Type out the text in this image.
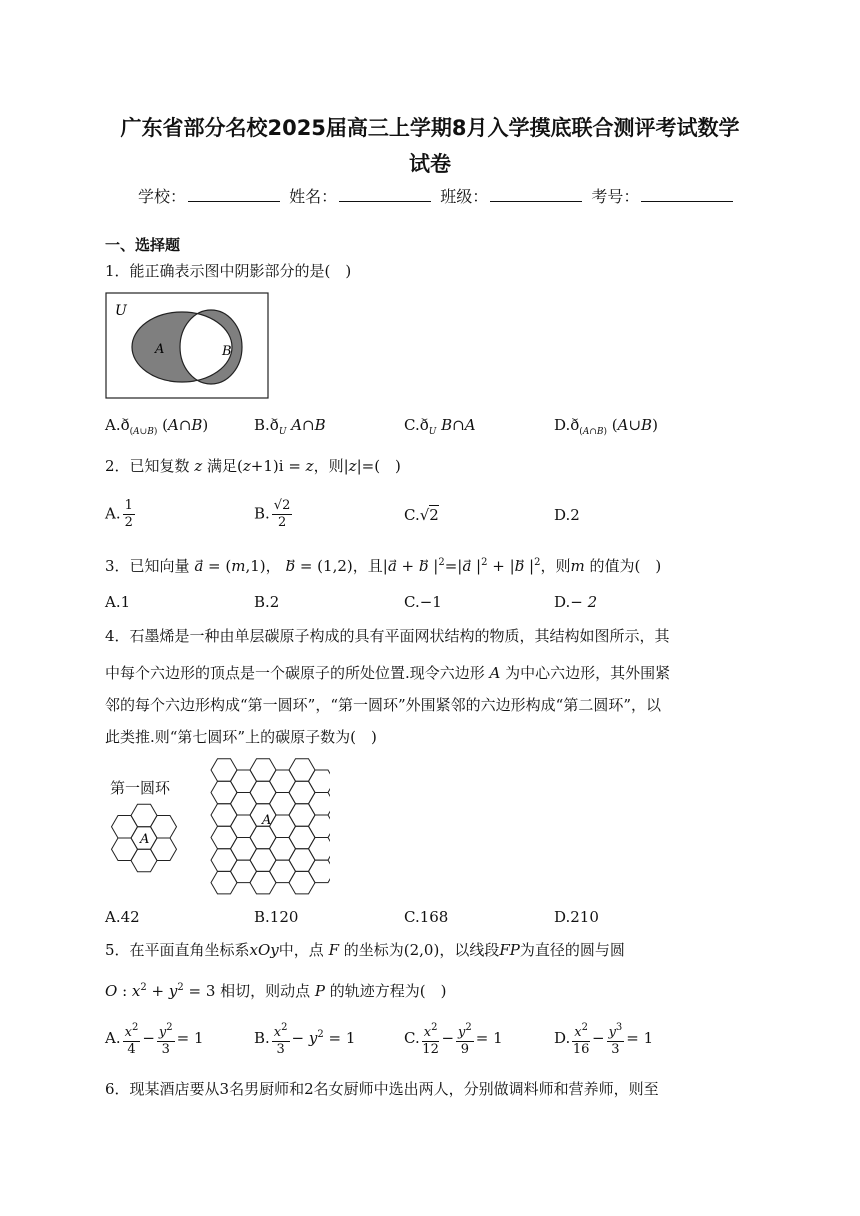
广东省部分名校2025届高三上学期8月入学摸底联合测评考试数学
试卷
学校：	姓名：	班级：	考号：
一、选择题
1．能正确表示图中阴影部分的是(　)
U
A	B
$A.ð_{(A\cup B)}$ (A∩B)	$B.ð_U$ A∩B	$C.ð_U$ B∩A	$D.ð_{(A\cap B)}$ (A∪B)
2．已知复数 z 满足(z+1)i = z，则|z|=(　)
A. $\frac{1}{2}$	B. $\frac{√2}{2}$	C.√2	D.2
3．已知向量 a⃗ = (m,1)， b⃗ = (1,2)，且|a⃗ + b⃗ $|^2=|a⃗$ $|^2$ + |b⃗ $|^2$，则m 的值为(　)
A.1	B.2	C.−1	D.− 2
4．石墨烯是一种由单层碳原子构成的具有平面网状结构的物质，其结构如图所示，其
中每个六边形的顶点是一个碳原子的所处位置.现令六边形 A 为中心六边形，其外围紧
邻的每个六边形构成“第一圆环”，“第一圆环”外围紧邻的六边形构成“第二圆环”，以
此类推.则“第七圆环”上的碳原子数为(　)
第一圆环
A
A
A.42	B.120	C.168	D.210
5．在平面直角坐标系xOy中，点 F 的坐标为(2,0)，以线段FP为直径的圆与圆
O : $x^2 + y^2 = 3$ 相切，则动点 P 的轨迹方程为(　)
A. $\frac{x^2}{4} - \frac{y^2}{3} = 1$	B. $\frac{x^2}{3} - y^2 = 1$	C. $\frac{x^2}{12} - \frac{y^2}{9} = 1$	D. $\frac{x^2}{16} - \frac{y^3}{3} = 1$
6．现某酒店要从3名男厨师和2名女厨师中选出两人，分别做调料师和营养师，则至
